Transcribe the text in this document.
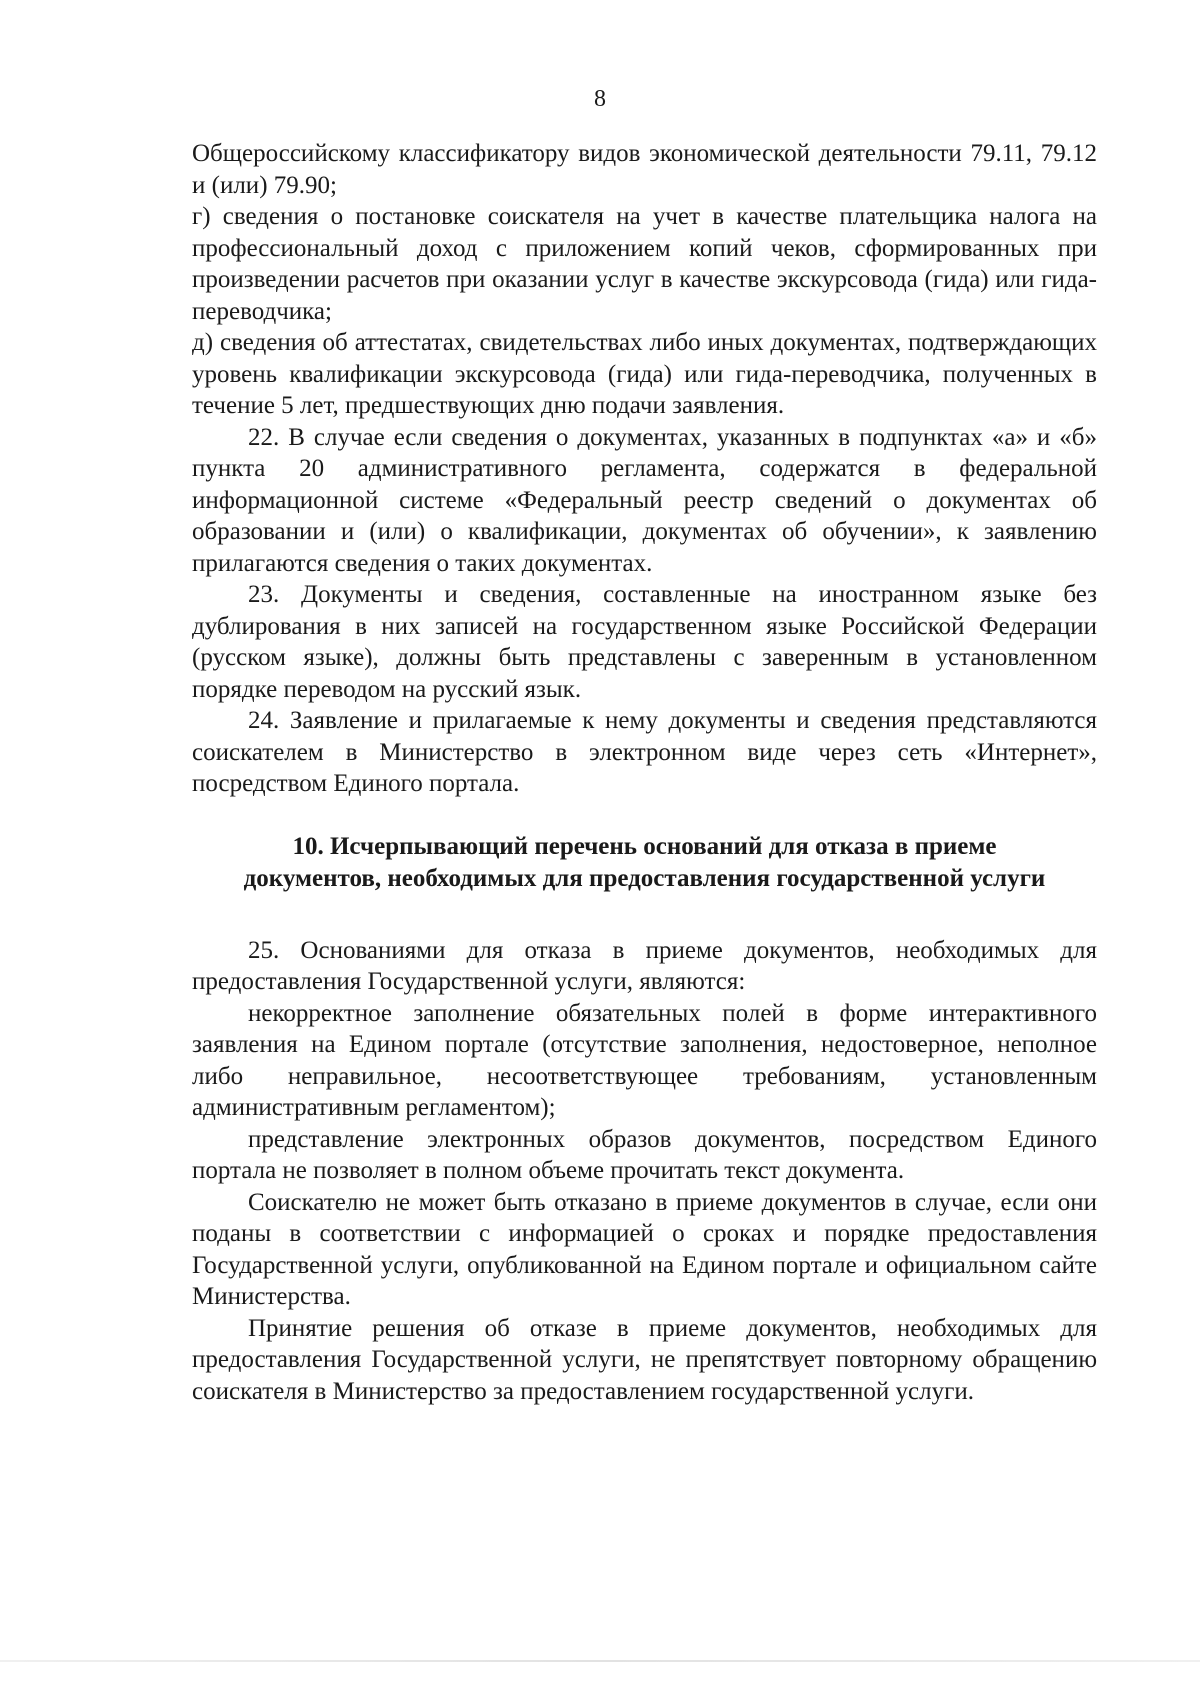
8

Общероссийскому классификатору видов экономической деятельности 79.11, 79.12 и (или) 79.90;

г) сведения о постановке соискателя на учет в качестве плательщика налога на профессиональный доход с приложением копий чеков, сформированных при произведении расчетов при оказании услуг в качестве экскурсовода (гида) или гида-переводчика;

д) сведения об аттестатах, свидетельствах либо иных документах, подтверждающих уровень квалификации экскурсовода (гида) или гида-переводчика, полученных в течение 5 лет, предшествующих дню подачи заявления.

22. В случае если сведения о документах, указанных в подпунктах «а» и «б» пункта 20 административного регламента, содержатся в федеральной информационной системе «Федеральный реестр сведений о документах об образовании и (или) о квалификации, документах об обучении», к заявлению прилагаются сведения о таких документах.

23. Документы и сведения, составленные на иностранном языке без дублирования в них записей на государственном языке Российской Федерации (русском языке), должны быть представлены с заверенным в установленном порядке переводом на русский язык.

24. Заявление и прилагаемые к нему документы и сведения представляются соискателем в Министерство в электронном виде через сеть «Интернет», посредством Единого портала.

10. Исчерпывающий перечень оснований для отказа в приеме
документов, необходимых для предоставления государственной услуги

25. Основаниями для отказа в приеме документов, необходимых для предоставления Государственной услуги, являются:

некорректное заполнение обязательных полей в форме интерактивного заявления на Едином портале (отсутствие заполнения, недостоверное, неполное либо неправильное, несоответствующее требованиям, установленным административным регламентом);

представление электронных образов документов, посредством Единого портала не позволяет в полном объеме прочитать текст документа.

Соискателю не может быть отказано в приеме документов в случае, если они поданы в соответствии с информацией о сроках и порядке предоставления Государственной услуги, опубликованной на Едином портале и официальном сайте Министерства.

Принятие решения об отказе в приеме документов, необходимых для предоставления Государственной услуги, не препятствует повторному обращению соискателя в Министерство за предоставлением государственной услуги.
